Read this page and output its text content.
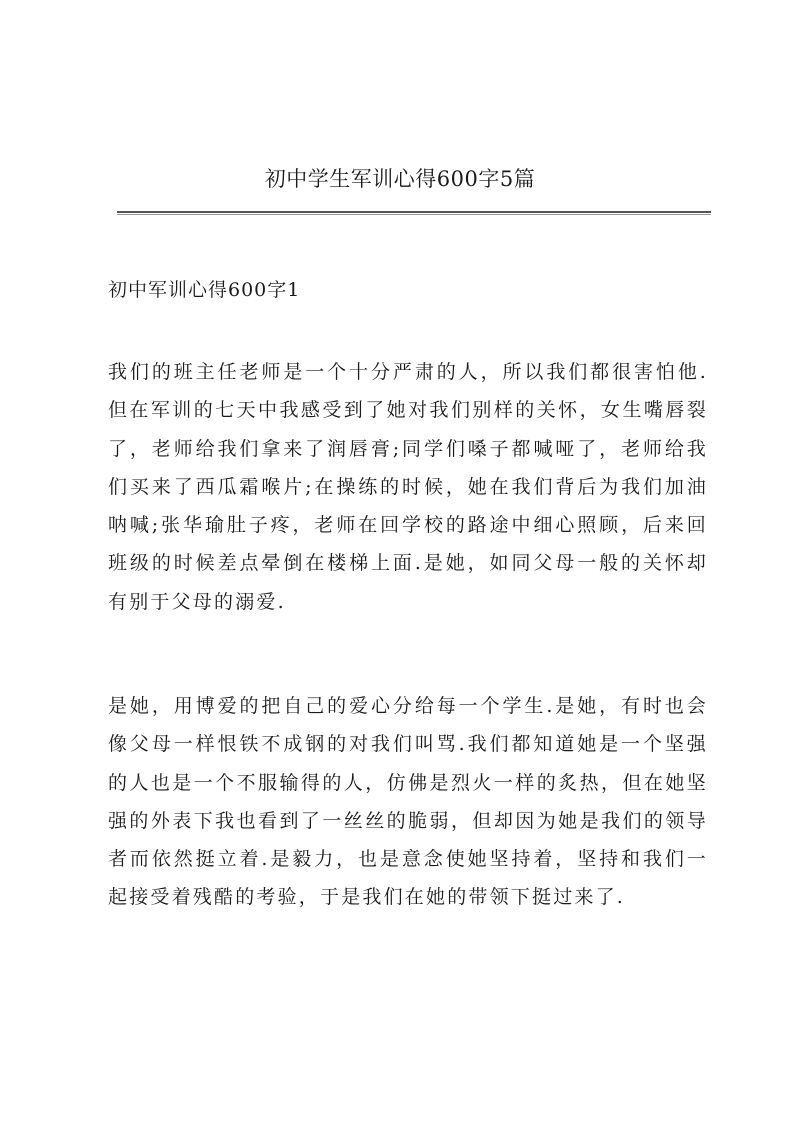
初中学生军训心得600字5篇
初中军训心得600字1

我们的班主任老师是一个十分严肃的人，所以我们都很害怕他.但在军训的七天中我感受到了她对我们别样的关怀，女生嘴唇裂了，老师给我们拿来了润唇膏;同学们嗓子都喊哑了，老师给我们买来了西瓜霜喉片;在操练的时候，她在我们背后为我们加油呐喊;张华瑜肚子疼，老师在回学校的路途中细心照顾，后来回班级的时候差点晕倒在楼梯上面.是她，如同父母一般的关怀却有别于父母的溺爱.

是她，用博爱的把自己的爱心分给每一个学生.是她，有时也会像父母一样恨铁不成钢的对我们叫骂.我们都知道她是一个坚强的人也是一个不服输得的人，仿佛是烈火一样的炙热，但在她坚强的外表下我也看到了一丝丝的脆弱，但却因为她是我们的领导者而依然挺立着.是毅力，也是意念使她坚持着，坚持和我们一起接受着残酷的考验，于是我们在她的带领下挺过来了.
